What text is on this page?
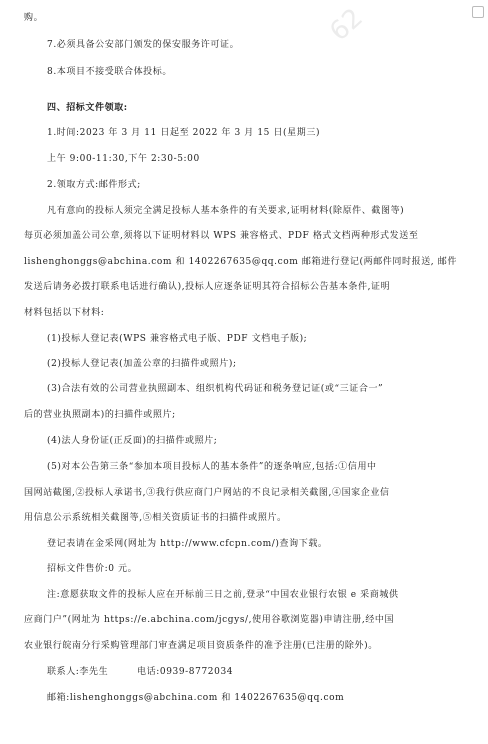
62
购。
7.必须具备公安部门颁发的保安服务许可证。
8.本项目不接受联合体投标。
四、招标文件领取:
1.时间:2023 年 3 月 11 日起至 2022 年 3 月 15 日(星期三)
上午 9:00-11:30,下午 2:30-5:00
2.领取方式:邮件形式;
凡有意向的投标人须完全满足投标人基本条件的有关要求,证明材料(除原件、截图等)
每页必须加盖公司公章,须将以下证明材料以 WPS 兼容格式、PDF 格式文档两种形式发送至
lishenghonggs@abchina.com 和 1402267635@qq.com 邮箱进行登记(两邮件同时报送, 邮件
发送后请务必拨打联系电话进行确认),投标人应逐条证明其符合招标公告基本条件,证明
材料包括以下材料:
(1)投标人登记表(WPS 兼容格式电子版、PDF 文档电子版);
(2)投标人登记表(加盖公章的扫描件或照片);
(3)合法有效的公司营业执照副本、组织机构代码证和税务登记证(或“三证合一”
后的营业执照副本)的扫描件或照片;
(4)法人身份证(正反面)的扫描件或照片;
(5)对本公告第三条“参加本项目投标人的基本条件”的逐条响应,包括:①信用中
国网站截图,②投标人承诺书,③我行供应商门户网站的不良记录相关截图,④国家企业信
用信息公示系统相关截图等,⑤相关资质证书的扫描件或照片。
登记表请在金采网(网址为 http://www.cfcpn.com/)查询下载。
招标文件售价:0 元。
注:意愿获取文件的投标人应在开标前三日之前,登录“中国农业银行农银 e 采商城供
应商门户”(网址为 https://e.abchina.com/jcgys/,使用谷歌浏览器)申请注册,经中国
农业银行皖南分行采购管理部门审查满足项目资质条件的准予注册(已注册的除外)。
联系人:李先生　　　电话:0939-8772034
邮箱:lishenghonggs@abchina.com 和 1402267635@qq.com
